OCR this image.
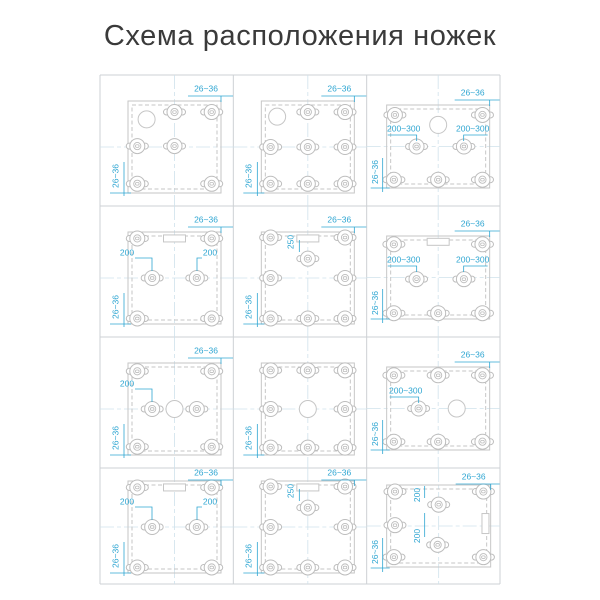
Схема расположения ножек
26~36
26~36
26~36
26~36
26~36
26~36
200~300	200~300
26~36
26~36
200	200
26~36
26~36
250
26~36
26~36
200~300	200~300
26~36
26~36
200
26~36
26~36
26~36
200~300
26~36
26~36
200	200
26~36
26~36
250
26~36
26~36
200
200
